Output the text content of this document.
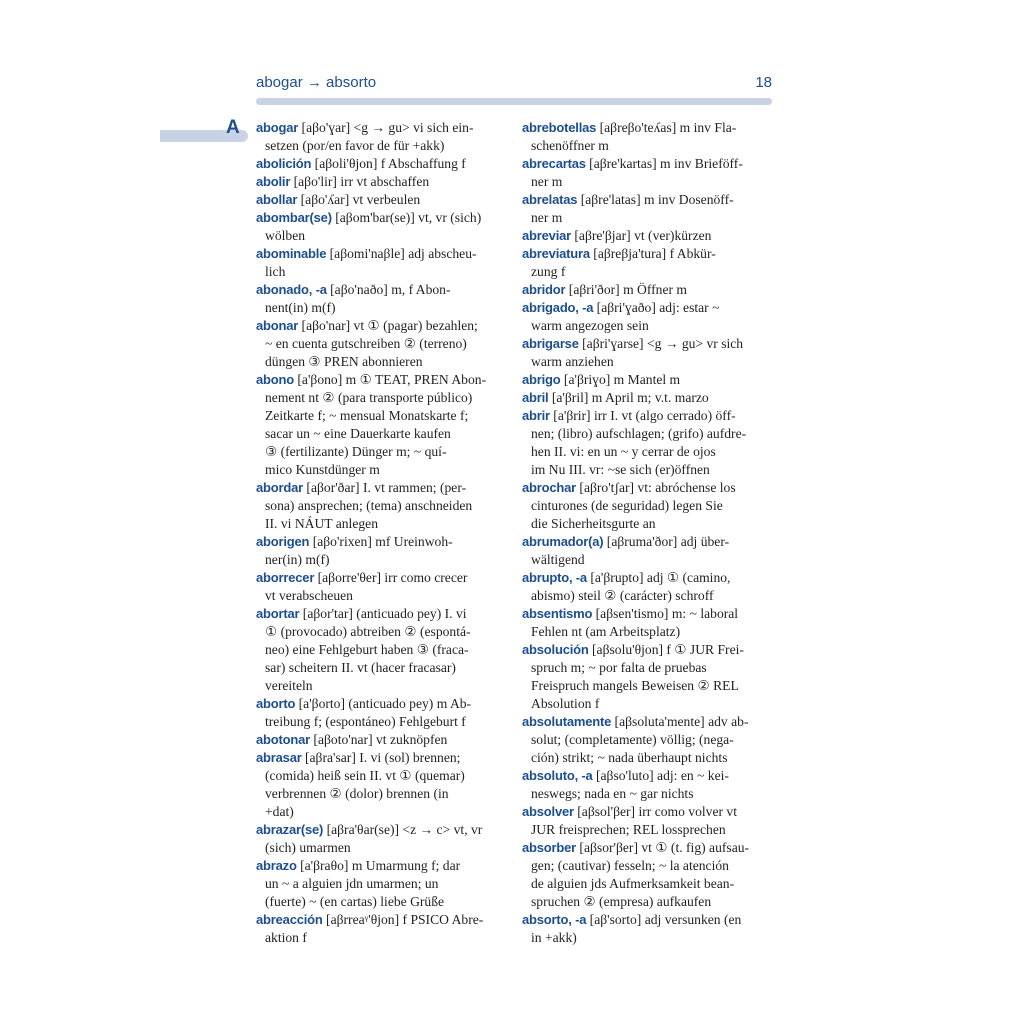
abogar → absorto	18
A abogar [aβo'ɣar] <g → gu> vi sich ein-
setzen (por/en favor de für +akk)

abolición [aβoli'θjon] f Abschaffung f

abolir [aβo'lir] irr vt abschaffen

abollar [aβo'ʎar] vt verbeulen

abombar(se) [aβom'bar(se)] vt, vr (sich)
wölben

abominable [aβomi'naβle] adj abscheu-
lich

abonado, -a [aβo'naðo] m, f Abon-
nent(in) m(f)

abonar [aβo'nar] vt ① (pagar) bezahlen;
~ en cuenta gutschreiben ② (terreno)
düngen ③ PREN abonnieren

abono [a'βono] m ① TEAT, PREN Abon-
nement nt ② (para transporte público)
Zeitkarte f; ~ mensual Monatskarte f;
sacar un ~ eine Dauerkarte kaufen
③ (fertilizante) Dünger m; ~ quí-
mico Kunstdünger m

abordar [aβor'ðar] I. vt rammen; (per-
sona) ansprechen; (tema) anschneiden
II. vi NÁUT anlegen

aborigen [aβo'rixen] mf Ureinwoh-
ner(in) m(f)

aborrecer [aβorre'θer] irr como crecer
vt verabscheuen

abortar [aβor'tar] (anticuado pey) I. vi
① (provocado) abtreiben ② (espontá-
neo) eine Fehlgeburt haben ③ (fraca-
sar) scheitern II. vt (hacer fracasar)
vereiteln

aborto [a'βorto] (anticuado pey) m Ab-
treibung f; (espontáneo) Fehlgeburt f

abotonar [aβoto'nar] vt zuknöpfen

abrasar [aβra'sar] I. vi (sol) brennen;
(comida) heiß sein II. vt ① (quemar)
verbrennen ② (dolor) brennen (in
+dat)

abrazar(se) [aβra'θar(se)] <z → c> vt, vr
(sich) umarmen

abrazo [a'βraθo] m Umarmung f; dar
un ~ a alguien jdn umarmen; un
(fuerte) ~ (en cartas) liebe Grüße

abreacción [aβrreaᵞ'θjon] f PSICO Abre-
aktion f

abrebotellas [aβreβo'teʎas] m inv Fla-
schenöffner m

abrecartas [aβre'kartas] m inv Brieföff-
ner m

abrelatas [aβre'latas] m inv Dosenöff-
ner m

abreviar [aβre'βjar] vt (ver)kürzen

abreviatura [aβreβja'tura] f Abkür-
zung f

abridor [aβri'ðor] m Öffner m

abrigado, -a [aβri'ɣaðo] adj: estar ~
warm angezogen sein

abrigarse [aβri'ɣarse] <g → gu> vr sich
warm anziehen

abrigo [a'βriɣo] m Mantel m

abril [a'βril] m April m; v.t. marzo

abrir [a'βrir] irr I. vt (algo cerrado) öff-
nen; (libro) aufschlagen; (grifo) aufdre-
hen II. vi: en un ~ y cerrar de ojos
im Nu III. vr: ~se sich (er)öffnen

abrochar [aβro'tʃar] vt: abróchense los
cinturones (de seguridad) legen Sie
die Sicherheitsgurte an

abrumador(a) [aβruma'ðor] adj über-
wältigend

abrupto, -a [a'βrupto] adj ① (camino,
abismo) steil ② (carácter) schroff

absentismo [aβsen'tismo] m: ~ laboral
Fehlen nt (am Arbeitsplatz)

absolución [aβsolu'θjon] f ① JUR Frei-
spruch m; ~ por falta de pruebas
Freispruch mangels Beweisen ② REL
Absolution f

absolutamente [aβsoluta'mente] adv ab-
solut; (completamente) völlig; (nega-
ción) strikt; ~ nada überhaupt nichts

absoluto, -a [aβso'luto] adj: en ~ kei-
neswegs; nada en ~ gar nichts

absolver [aβsol'βer] irr como volver vt
JUR freisprechen; REL lossprechen

absorber [aβsor'βer] vt ① (t. fig) aufsau-
gen; (cautivar) fesseln; ~ la atención
de alguien jds Aufmerksamkeit bean-
spruchen ② (empresa) aufkaufen

absorto, -a [aβ'sorto] adj versunken (en
in +akk)
